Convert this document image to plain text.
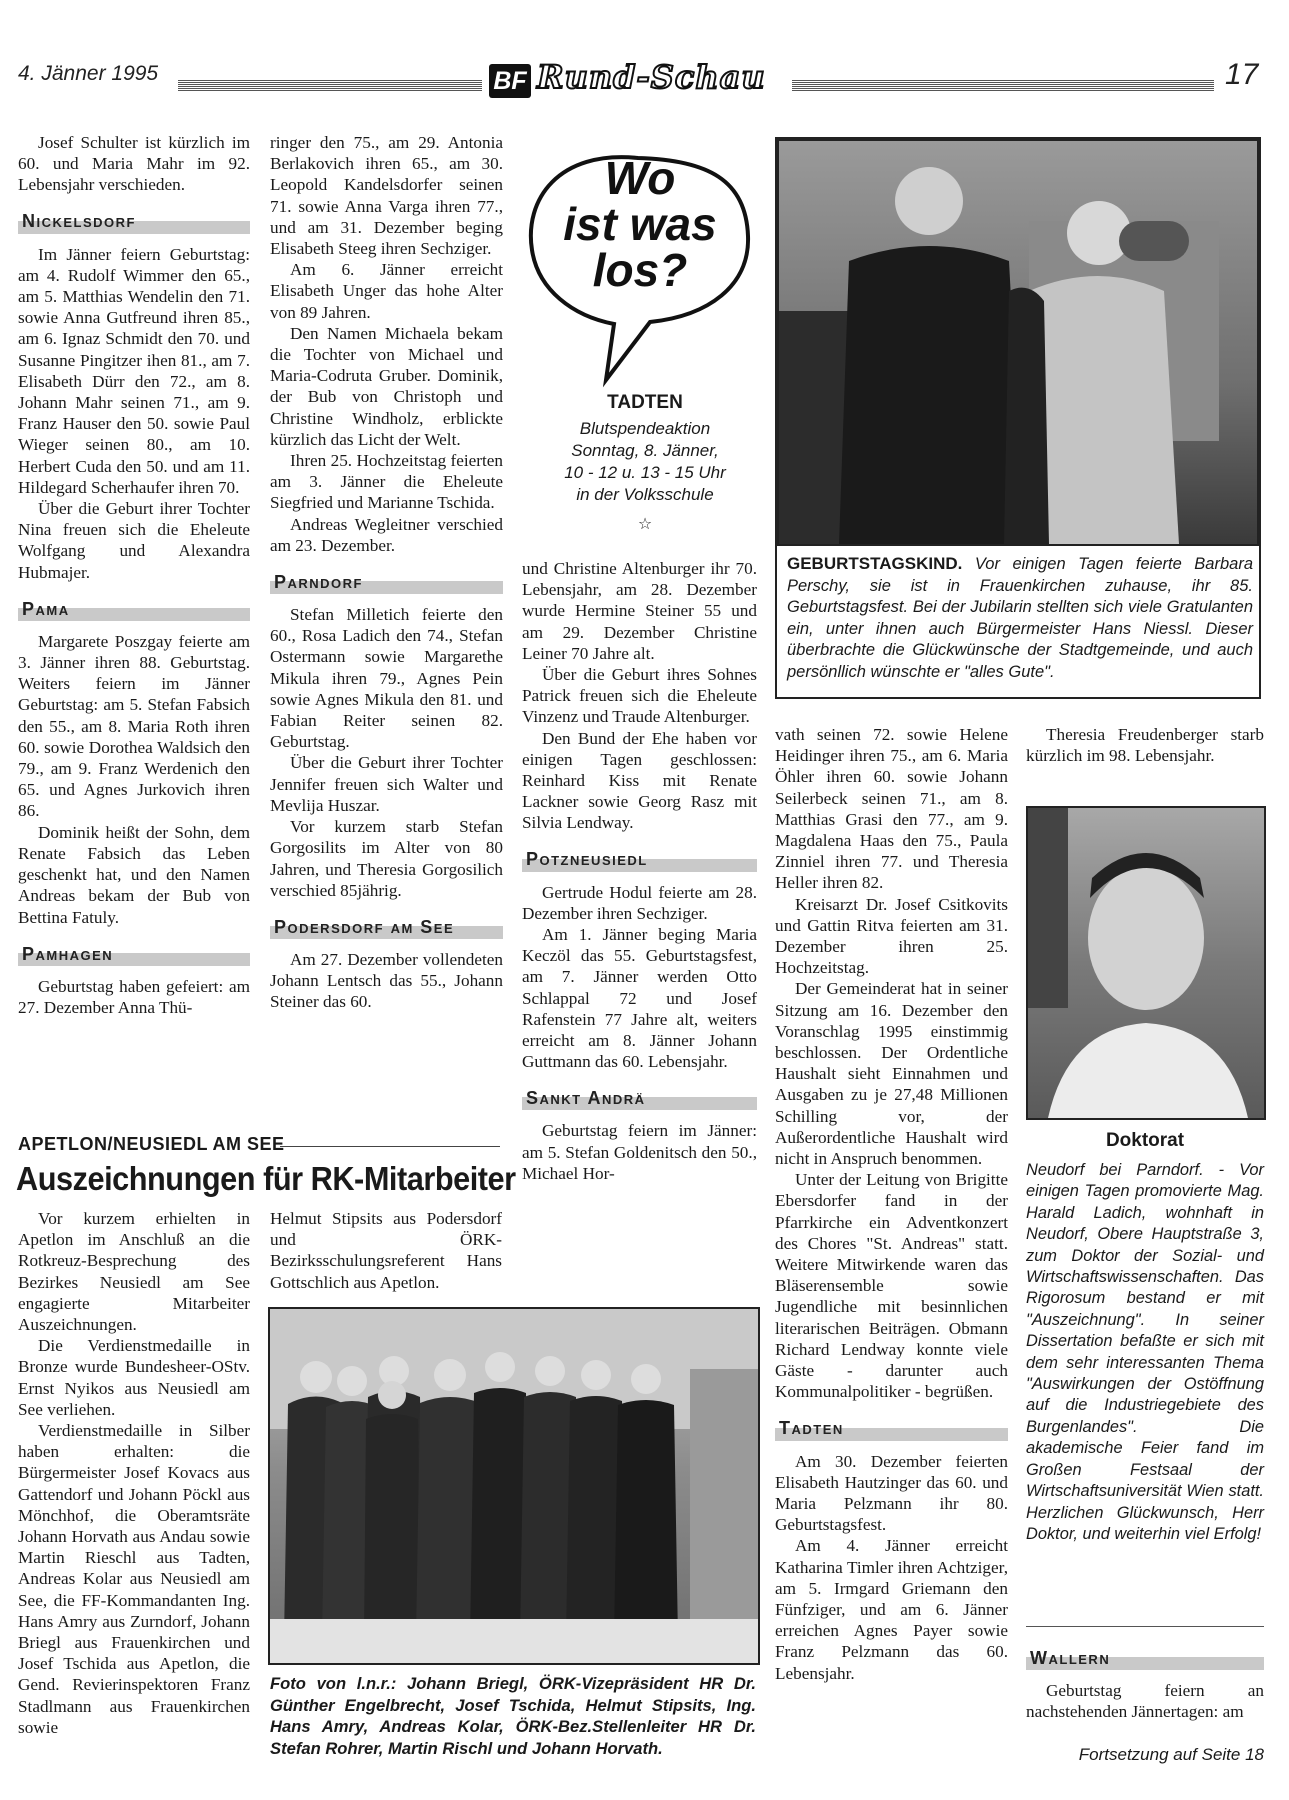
4. Jänner 1995	BF Rund-Schau	17

Josef Schulter ist kürzlich im 60. und Maria Mahr im 92. Lebensjahr verschieden.

Nickelsdorf

Im Jänner feiern Geburtstag: am 4. Rudolf Wimmer den 65., am 5. Matthias Wendelin den 71. sowie Anna Gutfreund ihren 85., am 6. Ignaz Schmidt den 70. und Susanne Pingitzer ihen 81., am 7. Elisabeth Dürr den 72., am 8. Johann Mahr seinen 71., am 9. Franz Hauser den 50. sowie Paul Wieger seinen 80., am 10. Herbert Cuda den 50. und am 11. Hildegard Scherhaufer ihren 70.

Über die Geburt ihrer Tochter Nina freuen sich die Eheleute Wolfgang und Alexandra Hubmajer.

Pama

Margarete Poszgay feierte am 3. Jänner ihren 88. Geburtstag. Weiters feiern im Jänner Geburtstag: am 5. Stefan Fabsich den 55., am 8. Maria Roth ihren 60. sowie Dorothea Waldsich den 79., am 9. Franz Werdenich den 65. und Agnes Jurkovich ihren 86.

Dominik heißt der Sohn, dem Renate Fabsich das Leben geschenkt hat, und den Namen Andreas bekam der Bub von Bettina Fatuly.

Pamhagen

Geburtstag haben gefeiert: am 27. Dezember Anna Thü-

ringer den 75., am 29. Antonia Berlakovich ihren 65., am 30. Leopold Kandelsdorfer seinen 71. sowie Anna Varga ihren 77., und am 31. Dezember beging Elisabeth Steeg ihren Sechziger.

Am 6. Jänner erreicht Elisabeth Unger das hohe Alter von 89 Jahren.

Den Namen Michaela bekam die Tochter von Michael und Maria-Codruta Gruber. Dominik, der Bub von Christoph und Christine Windholz, erblickte kürzlich das Licht der Welt.

Ihren 25. Hochzeitstag feierten am 3. Jänner die Eheleute Siegfried und Marianne Tschida.

Andreas Wegleitner verschied am 23. Dezember.

Parndorf

Stefan Milletich feierte den 60., Rosa Ladich den 74., Stefan Ostermann sowie Margarethe Mikula ihren 79., Agnes Pein sowie Agnes Mikula den 81. und Fabian Reiter seinen 82. Geburtstag.

Über die Geburt ihrer Tochter Jennifer freuen sich Walter und Mevlija Huszar.

Vor kurzem starb Stefan Gorgosilits im Alter von 80 Jahren, und Theresia Gorgosilich verschied 85jährig.

Podersdorf am See

Am 27. Dezember vollendeten Johann Lentsch das 55., Johann Steiner das 60.

Wo
ist was
los?
TADTEN
Blutspendeaktion
Sonntag, 8. Jänner,
10 - 12 u. 13 - 15 Uhr
in der Volksschule
☆

und Christine Altenburger ihr 70. Lebensjahr, am 28. Dezember wurde Hermine Steiner 55 und am 29. Dezember Christine Leiner 70 Jahre alt.

Über die Geburt ihres Sohnes Patrick freuen sich die Eheleute Vinzenz und Traude Altenburger.

Den Bund der Ehe haben vor einigen Tagen geschlossen: Reinhard Kiss mit Renate Lackner sowie Georg Rasz mit Silvia Lendway.

Potzneusiedl

Gertrude Hodul feierte am 28. Dezember ihren Sechziger.

Am 1. Jänner beging Maria Keczöl das 55. Geburtstagsfest, am 7. Jänner werden Otto Schlappal 72 und Josef Rafenstein 77 Jahre alt, weiters erreicht am 8. Jänner Johann Guttmann das 60. Lebensjahr.

Sankt Andrä

Geburtstag feiern im Jänner: am 5. Stefan Goldenitsch den 50., Michael Hor-

GEBURTSTAGSKIND. Vor einigen Tagen feierte Barbara Perschy, sie ist in Frauenkirchen zuhause, ihr 85. Geburtstagsfest. Bei der Jubilarin stellten sich viele Gratulanten ein, unter ihnen auch Bürgermeister Hans Niessl. Dieser überbrachte die Glückwünsche der Stadtgemeinde, und auch persönllich wünschte er "alles Gute".

vath seinen 72. sowie Helene Heidinger ihren 75., am 6. Maria Öhler ihren 60. sowie Johann Seilerbeck seinen 71., am 8. Matthias Grasi den 77., am 9. Magdalena Haas den 75., Paula Zinniel ihren 77. und Theresia Heller ihren 82.

Kreisarzt Dr. Josef Csitkovits und Gattin Ritva feierten am 31. Dezember ihren 25. Hochzeitstag.

Der Gemeinderat hat in seiner Sitzung am 16. Dezember den Voranschlag 1995 einstimmig beschlossen. Der Ordentliche Haushalt sieht Einnahmen und Ausgaben zu je 27,48 Millionen Schilling vor, der Außerordentliche Haushalt wird nicht in Anspruch benommen.

Unter der Leitung von Brigitte Ebersdorfer fand in der Pfarrkirche ein Adventkonzert des Chores "St. Andreas" statt. Weitere Mitwirkende waren das Bläserensemble sowie Jugendliche mit besinnlichen literarischen Beiträgen. Obmann Richard Lendway konnte viele Gäste - darunter auch Kommunalpolitiker - begrüßen.

Tadten

Am 30. Dezember feierten Elisabeth Hautzinger das 60. und Maria Pelzmann ihr 80. Geburtstagsfest.

Am 4. Jänner erreicht Katharina Timler ihren Achtziger, am 5. Irmgard Griemann den Fünfziger, und am 6. Jänner erreichen Agnes Payer sowie Franz Pelzmann das 60. Lebensjahr.

Theresia Freudenberger starb kürzlich im 98. Lebensjahr.

Doktorat
Neudorf bei Parndorf. - Vor einigen Tagen promovierte Mag. Harald Ladich, wohnhaft in Neudorf, Obere Hauptstraße 3, zum Doktor der Sozial- und Wirtschaftswissenschaften. Das Rigorosum bestand er mit "Auszeichnung". In seiner Dissertation befaßte er sich mit dem sehr interessanten Thema "Auswirkungen der Ostöffnung auf die Industriegebiete des Burgenlandes". Die akademische Feier fand im Großen Festsaal der Wirtschaftsuniversität Wien statt. Herzlichen Glückwunsch, Herr Doktor, und weiterhin viel Erfolg!
Wallern

Geburtstag feiern an nachstehenden Jännertagen: am

Fortsetzung auf Seite 18
APETLON/NEUSIEDL AM SEE
Auszeichnungen für RK-Mitarbeiter

Vor kurzem erhielten in Apetlon im Anschluß an die Rotkreuz-Besprechung des Bezirkes Neusiedl am See engagierte Mitarbeiter Auszeichnungen.

Die Verdienstmedaille in Bronze wurde Bundesheer-OStv. Ernst Nyikos aus Neusiedl am See verliehen.

Verdienstmedaille in Silber haben erhalten: die Bürgermeister Josef Kovacs aus Gattendorf und Johann Pöckl aus Mönchhof, die Oberamtsräte Johann Horvath aus Andau sowie Martin Rieschl aus Tadten, Andreas Kolar aus Neusiedl am See, die FF-Kommandanten Ing. Hans Amry aus Zurndorf, Johann Briegl aus Frauenkirchen und Josef Tschida aus Apetlon, die Gend. Revierinspektoren Franz Stadlmann aus Frauenkirchen sowie

Helmut Stipsits aus Podersdorf und ÖRK-Bezirksschulungsreferent Hans Gottschlich aus Apetlon.

Foto von l.n.r.: Johann Briegl, ÖRK-Vizepräsident HR Dr. Günther Engelbrecht, Josef Tschida, Helmut Stipsits, Ing. Hans Amry, Andreas Kolar, ÖRK-Bez.Stellenleiter HR Dr. Stefan Rohrer, Martin Rischl und Johann Horvath.
